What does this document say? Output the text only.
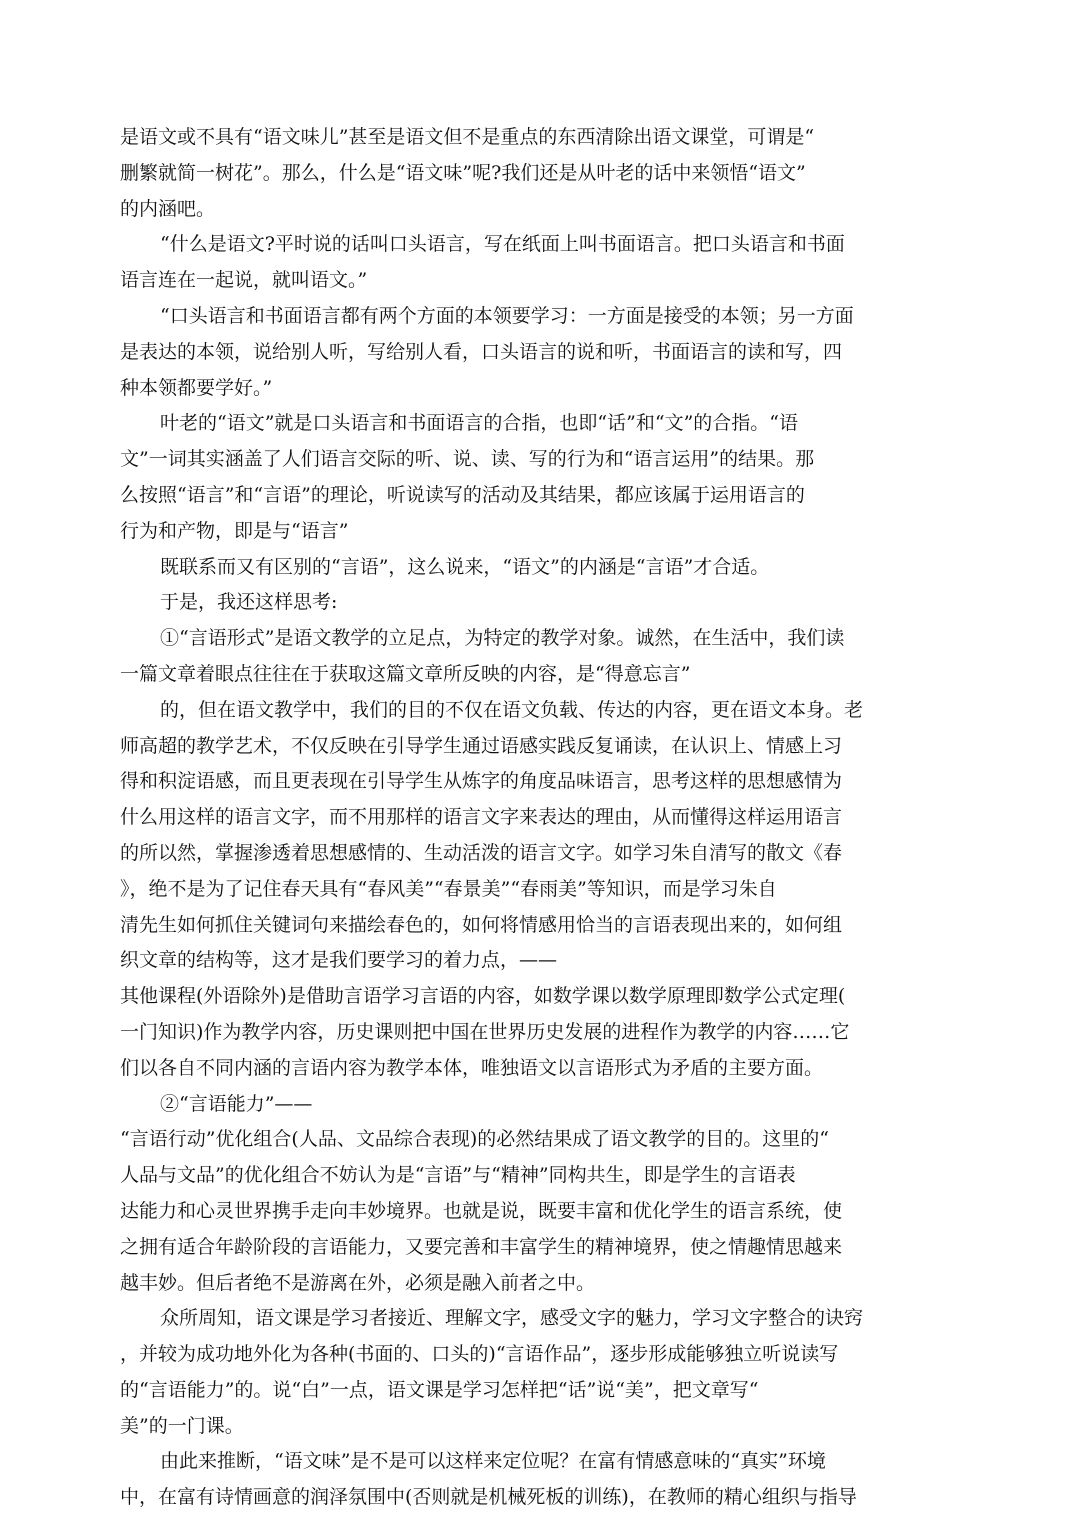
是语文或不具有“语文味儿”甚至是语文但不是重点的东西清除出语文课堂，可谓是“
删繁就简一树花”。那么，什么是“语文味”呢?我们还是从叶老的话中来领悟“语文”
的内涵吧。
“什么是语文?平时说的话叫口头语言，写在纸面上叫书面语言。把口头语言和书面
语言连在一起说，就叫语文。”
“口头语言和书面语言都有两个方面的本领要学习：一方面是接受的本领；另一方面
是表达的本领，说给别人听，写给别人看，口头语言的说和听，书面语言的读和写，四
种本领都要学好。”
叶老的“语文”就是口头语言和书面语言的合指，也即“话”和“文”的合指。“语
文”一词其实涵盖了人们语言交际的听、说、读、写的行为和“语言运用”的结果。那
么按照“语言”和“言语”的理论，听说读写的活动及其结果，都应该属于运用语言的
行为和产物，即是与“语言”
既联系而又有区别的“言语”，这么说来，“语文”的内涵是“言语”才合适。
于是，我还这样思考:
①“言语形式”是语文教学的立足点，为特定的教学对象。诚然，在生活中，我们读
一篇文章着眼点往往在于获取这篇文章所反映的内容，是“得意忘言”
的，但在语文教学中，我们的目的不仅在语文负载、传达的内容，更在语文本身。老
师高超的教学艺术，不仅反映在引导学生通过语感实践反复诵读，在认识上、情感上习
得和积淀语感，而且更表现在引导学生从炼字的角度品味语言，思考这样的思想感情为
什么用这样的语言文字，而不用那样的语言文字来表达的理由，从而懂得这样运用语言
的所以然，掌握渗透着思想感情的、生动活泼的语言文字。如学习朱自清写的散文《春
》，绝不是为了记住春天具有“春风美”“春景美”“春雨美”等知识，而是学习朱自
清先生如何抓住关键词句来描绘春色的，如何将情感用恰当的言语表现出来的，如何组
织文章的结构等，这才是我们要学习的着力点，——
其他课程(外语除外)是借助言语学习言语的内容，如数学课以数学原理即数学公式定理(
一门知识)作为教学内容，历史课则把中国在世界历史发展的进程作为教学的内容……它
们以各自不同内涵的言语内容为教学本体，唯独语文以言语形式为矛盾的主要方面。
②“言语能力”——
“言语行动”优化组合(人品、文品综合表现)的必然结果成了语文教学的目的。这里的“
人品与文品”的优化组合不妨认为是“言语”与“精神”同构共生，即是学生的言语表
达能力和心灵世界携手走向丰妙境界。也就是说，既要丰富和优化学生的语言系统，使
之拥有适合年龄阶段的言语能力，又要完善和丰富学生的精神境界，使之情趣情思越来
越丰妙。但后者绝不是游离在外，必须是融入前者之中。
众所周知，语文课是学习者接近、理解文字，感受文字的魅力，学习文字整合的诀窍
，并较为成功地外化为各种(书面的、口头的)“言语作品”，逐步形成能够独立听说读写
的“言语能力”的。说“白”一点，语文课是学习怎样把“话”说“美”，把文章写“
美”的一门课。
由此来推断，“语文味”是不是可以这样来定位呢？在富有情感意味的“真实”环境
中，在富有诗情画意的润泽氛围中(否则就是机械死板的训练)，在教师的精心组织与指导
